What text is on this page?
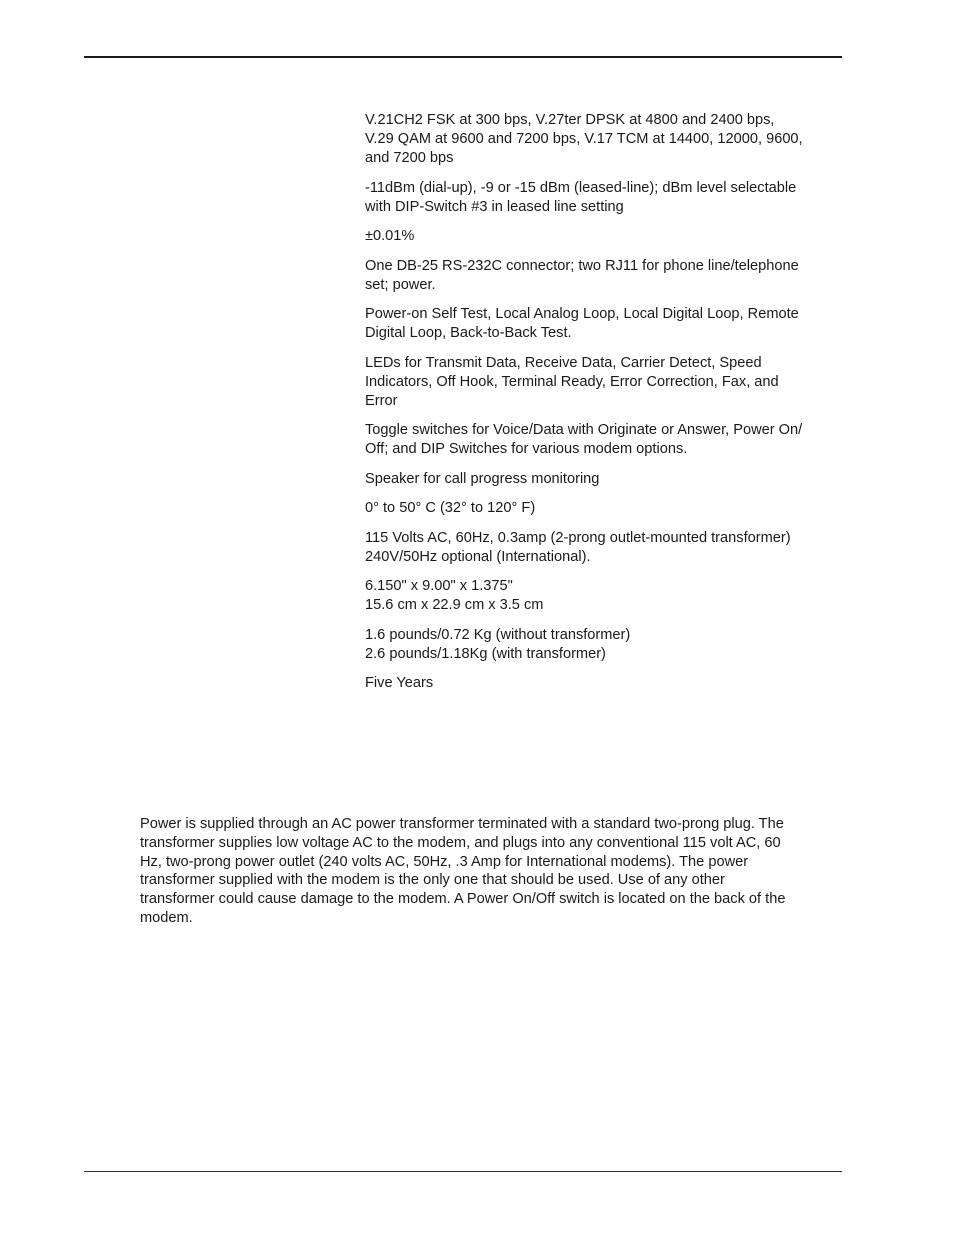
V.21CH2 FSK at 300 bps, V.27ter DPSK at 4800 and 2400 bps,
V.29 QAM at 9600 and 7200 bps, V.17 TCM at 14400, 12000, 9600,
and 7200 bps
-11dBm (dial-up), -9 or -15 dBm (leased-line); dBm level selectable
with DIP-Switch #3 in leased line setting
±0.01%
One DB-25 RS-232C connector; two RJ11 for phone line/telephone
set; power.
Power-on Self Test, Local Analog Loop, Local Digital Loop, Remote
Digital Loop, Back-to-Back Test.
LEDs for Transmit Data, Receive Data, Carrier Detect, Speed
Indicators, Off Hook, Terminal Ready, Error Correction, Fax, and
Error
Toggle switches for Voice/Data with Originate or Answer, Power On/
Off; and DIP Switches for various modem options.
Speaker for call progress monitoring
0° to 50° C (32° to 120° F)
115 Volts AC, 60Hz, 0.3amp (2-prong outlet-mounted transformer)
240V/50Hz optional (International).
6.150" x 9.00" x 1.375"
15.6 cm x 22.9 cm x 3.5 cm
1.6 pounds/0.72 Kg (without transformer)
2.6 pounds/1.18Kg (with transformer)
Five Years

Power is supplied through an AC power transformer terminated with a standard two-prong plug. The
transformer supplies low voltage AC to the modem, and plugs into any conventional 115 volt AC, 60
Hz, two-prong power outlet (240 volts AC, 50Hz, .3 Amp for International modems). The power
transformer supplied with the modem is the only one that should be used. Use of any other
transformer could cause damage to the modem. A Power On/Off switch is located on the back of the
modem.
